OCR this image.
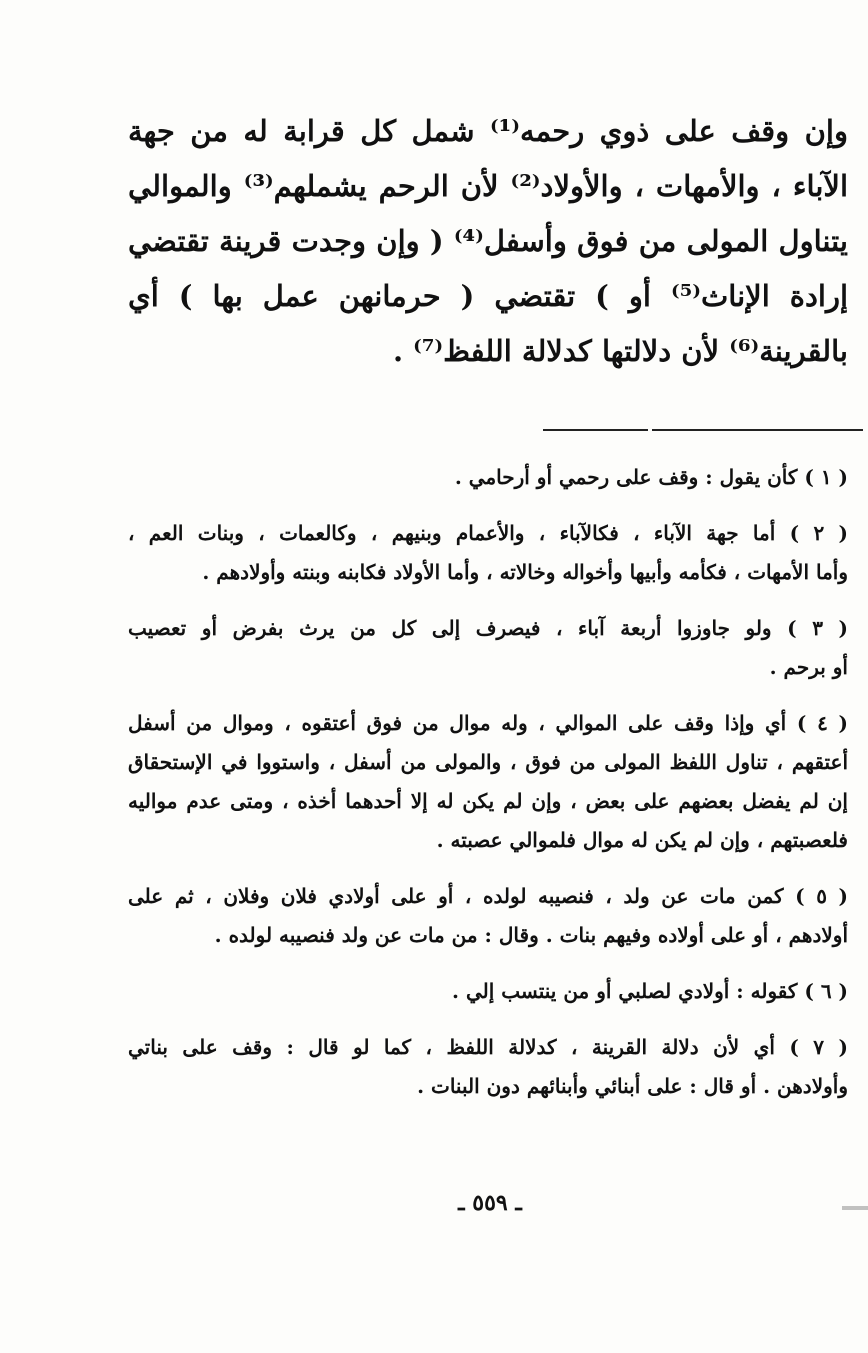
وإن وقف على ذوي رحمه⁽¹⁾ شمل كل قرابة له من جهة
الآباء ، والأمهات ، والأولاد⁽²⁾ لأن الرحم يشملهم⁽³⁾ والموالي
يتناول المولى من فوق وأسفل⁽⁴⁾ ( وإن وجدت قرينة تقتضي
إرادة الإناث⁽⁵⁾ أو ) تقتضي ( حرمانهن عمل بها ) أي
بالقرينة⁽⁶⁾ لأن دلالتها كدلالة اللفظ⁽⁷⁾ .
( ١ ) كأن يقول : وقف على رحمي أو أرحامي .
( ٢ ) أما جهة الآباء ، فكالآباء ، والأعمام وبنيهم ، وكالعمات ، وبنات العم ،
وأما الأمهات ، فكأمه وأبيها وأخواله وخالاته ، وأما الأولاد فكابنه وبنته وأولادهم .
( ٣ ) ولو جاوزوا أربعة آباء ، فيصرف إلى كل من يرث بفرض أو تعصيب
أو برحم .
( ٤ ) أي وإذا وقف على الموالي ، وله موال من فوق أعتقوه ، وموال من أسفل
أعتقهم ، تناول اللفظ المولى من فوق ، والمولى من أسفل ، واستووا في الإستحقاق
إن لم يفضل بعضهم على بعض ، وإن لم يكن له إلا أحدهما أخذه ، ومتى عدم مواليه
فلعصبتهم ، وإن لم يكن له موال فلموالي عصبته .
( ٥ ) كمن مات عن ولد ، فنصيبه لولده ، أو على أولادي فلان وفلان ، ثم على
أولادهم ، أو على أولاده وفيهم بنات . وقال : من مات عن ولد فنصيبه لولده .
( ٦ ) كقوله : أولادي لصلبي أو من ينتسب إلي .
( ٧ ) أي لأن دلالة القرينة ، كدلالة اللفظ ، كما لو قال : وقف على بناتي
وأولادهن . أو قال : على أبنائي وأبنائهم دون البنات .
ـ ٥٥٩ ـ
